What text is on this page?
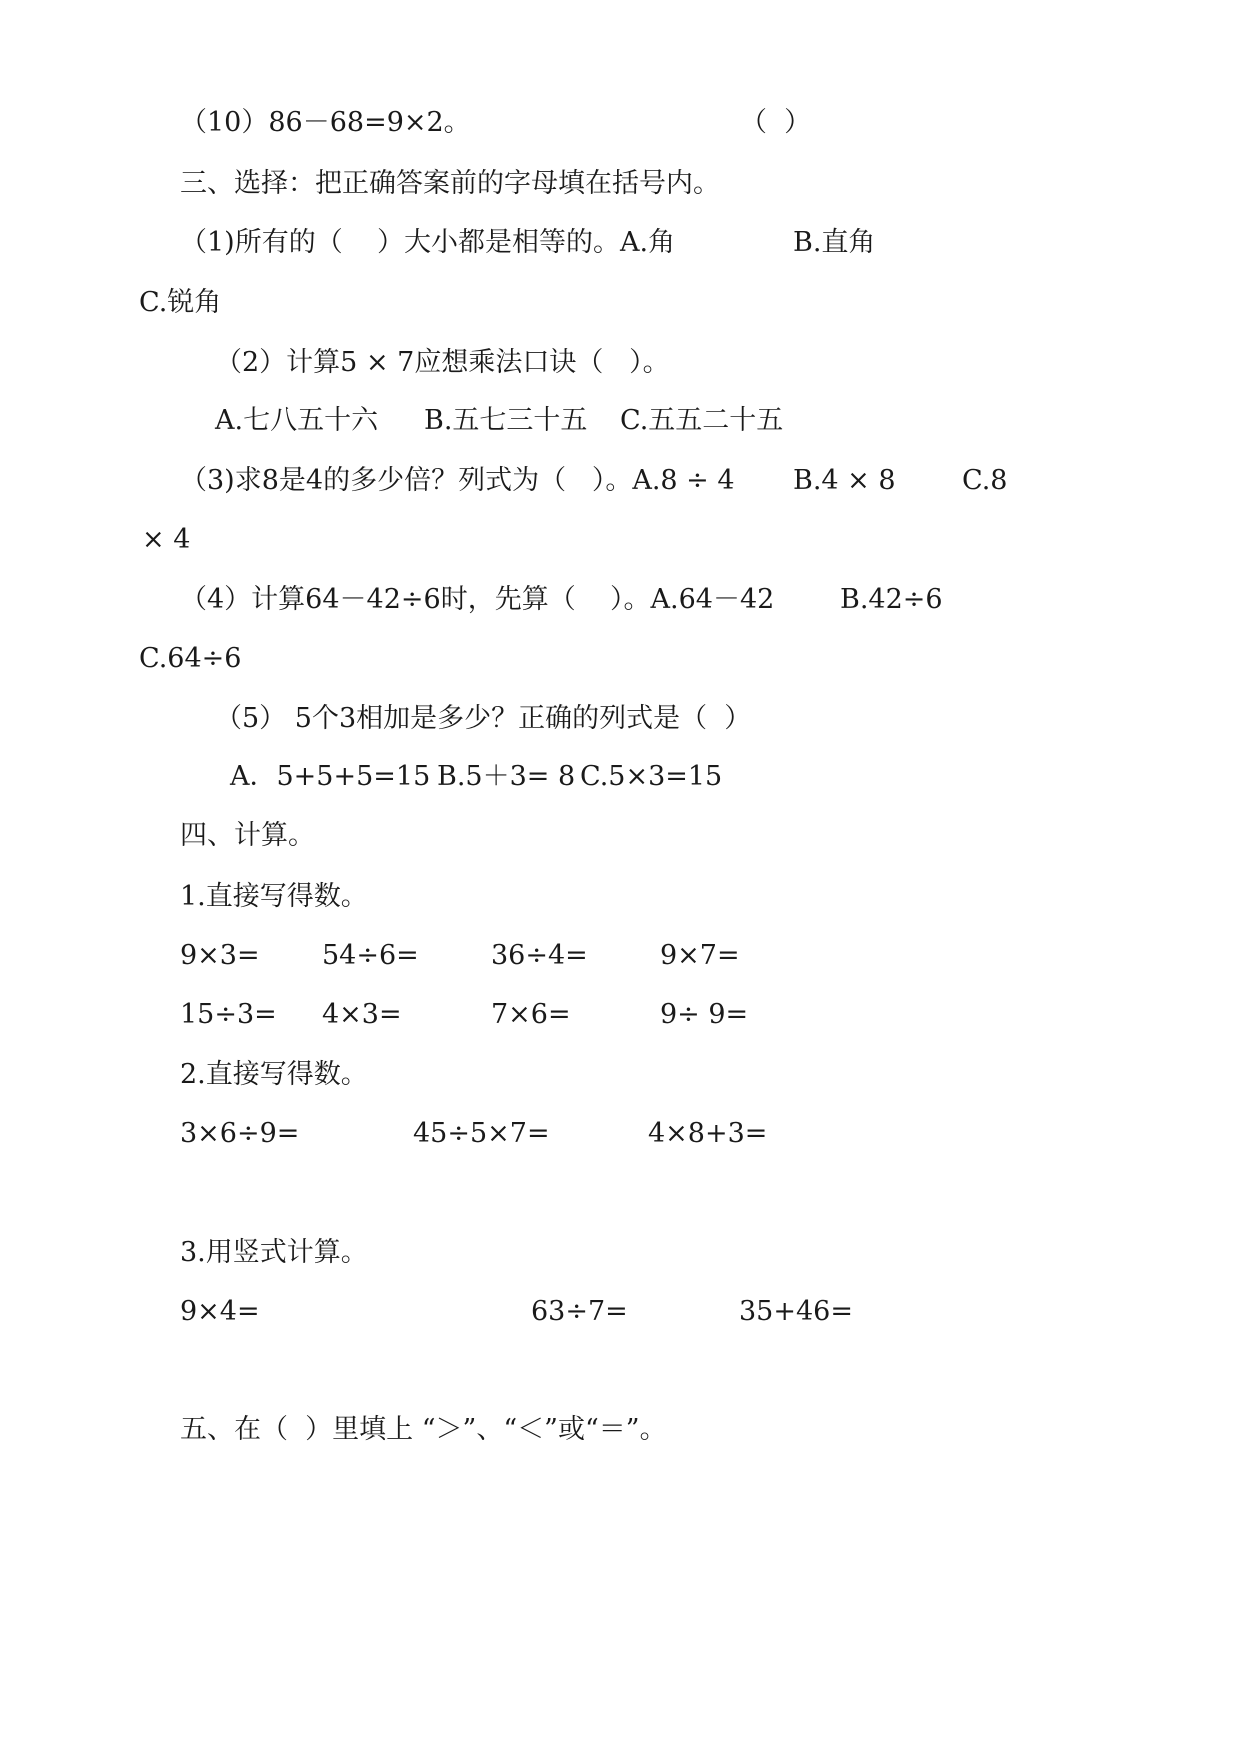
（10）86－68=9×2。	（  ）
三、选择：把正确答案前的字母填在括号内。
（1)所有的（    ）大小都是相等的。A.角	B.直角
C.锐角
（2）计算5 × 7应想乘法口诀（   ）。
A.七八五十六 B.五七三十五 C.五五二十五
（3)求8是4的多少倍？列式为（   ）。A.8 ÷ 4 B.4 × 8 C.8
× 4
（4）计算64－42÷6时，先算（    ）。A.64－42 B.42÷6
C.64÷6
（5） 5个3相加是多少？正确的列式是（  ）
A．5+5+5=15 B.5＋3= 8 C.5×3=15
四、计算。
1.直接写得数。
9×3= 54÷6=	36÷4=	9×7=
15÷3= 4×3=	7×6=	9÷ 9=
2.直接写得数。
3×6÷9=	45÷5×7=	4×8+3=
3.用竖式计算。
9×4=	63÷7=	35+46=
五、在（  ）里填上 “＞”、“＜”或“＝”。
